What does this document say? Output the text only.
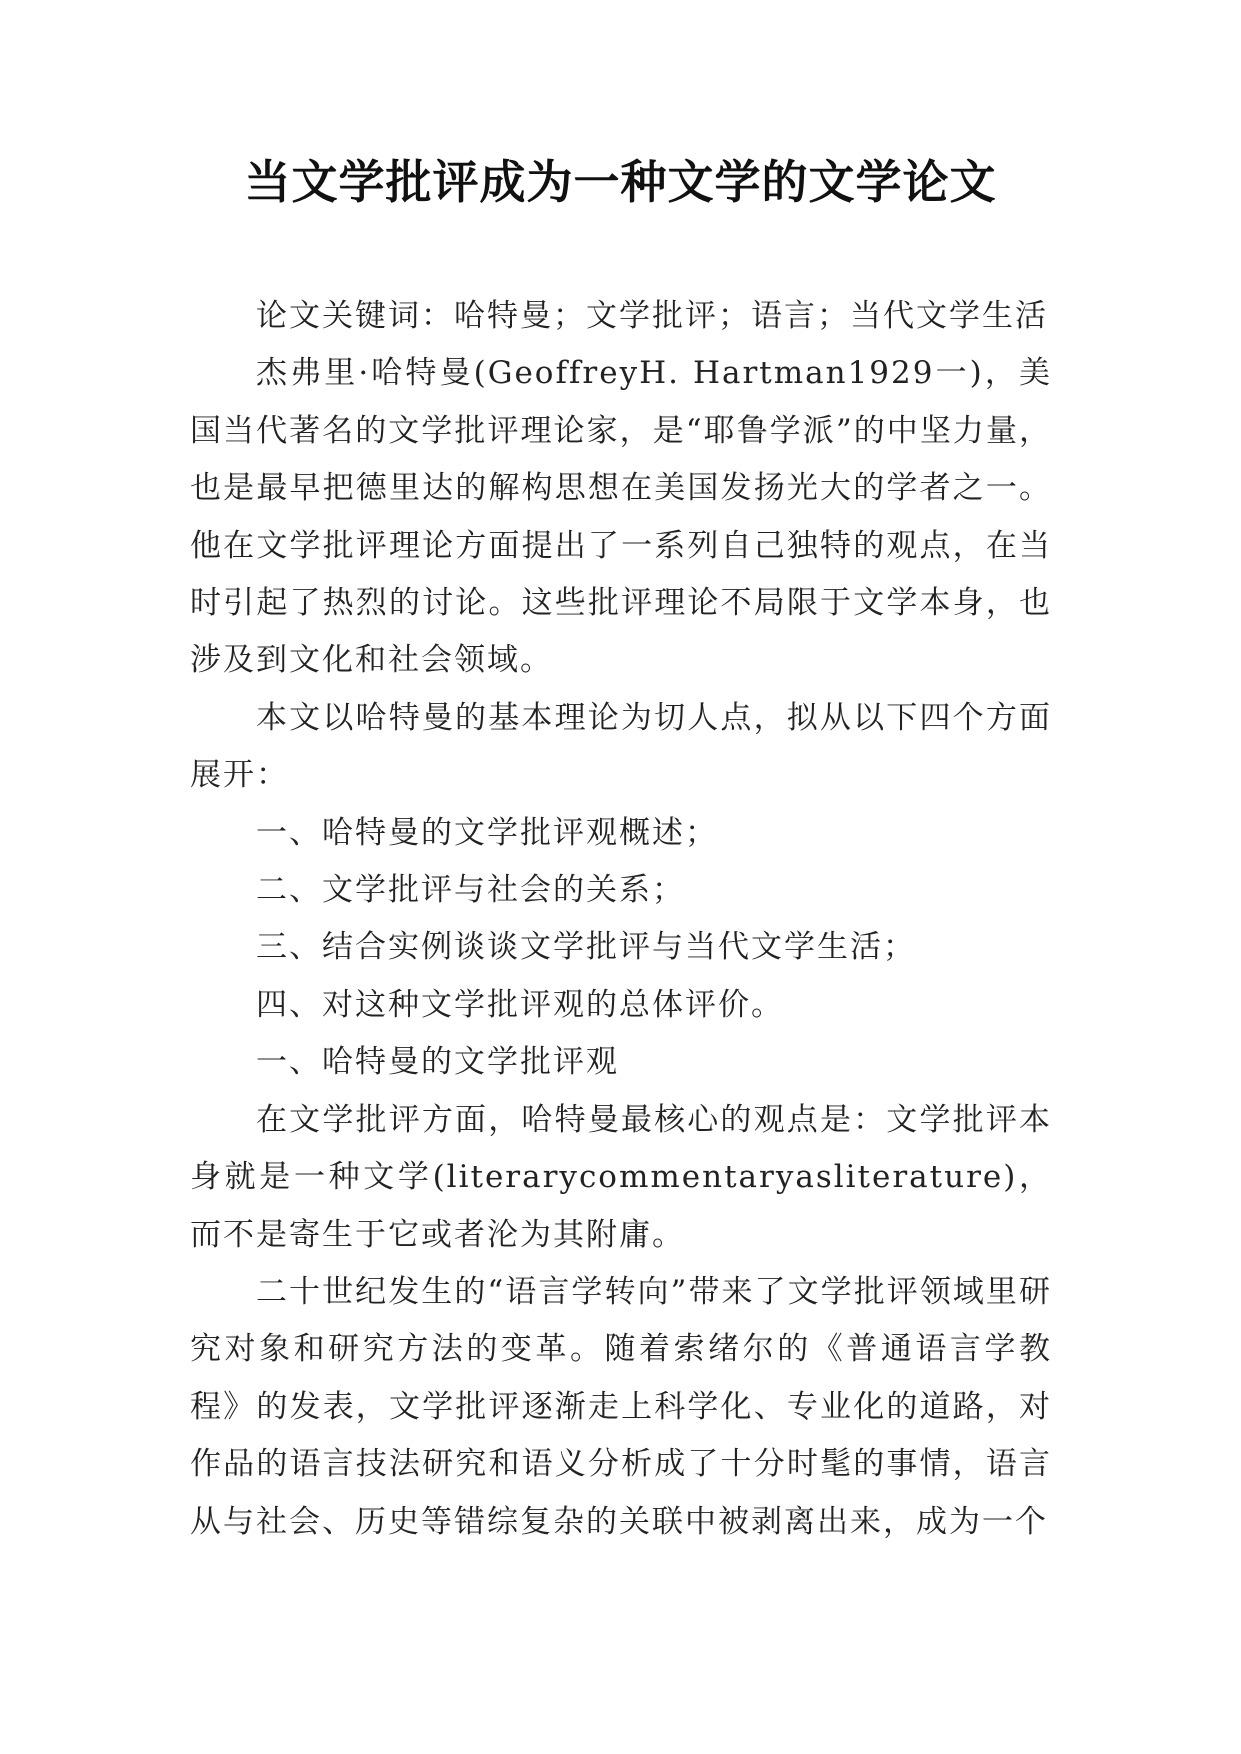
当文学批评成为一种文学的文学论文

论文关键词：哈特曼；文学批评；语言；当代文学生活

杰弗里·哈特曼(GeoffreyH. Hartman1929一)，美国当代著名的文学批评理论家，是“耶鲁学派”的中坚力量，也是最早把德里达的解构思想在美国发扬光大的学者之一。他在文学批评理论方面提出了一系列自己独特的观点，在当时引起了热烈的讨论。这些批评理论不局限于文学本身，也涉及到文化和社会领域。

本文以哈特曼的基本理论为切人点，拟从以下四个方面展开：

一、哈特曼的文学批评观概述；

二、文学批评与社会的关系；

三、结合实例谈谈文学批评与当代文学生活；

四、对这种文学批评观的总体评价。

一、哈特曼的文学批评观

在文学批评方面，哈特曼最核心的观点是：文学批评本身就是一种文学(literarycommentaryasliterature)，而不是寄生于它或者沦为其附庸。

二十世纪发生的“语言学转向”带来了文学批评领域里研究对象和研究方法的变革。随着索绪尔的《普通语言学教程》的发表，文学批评逐渐走上科学化、专业化的道路，对作品的语言技法研究和语义分析成了十分时髦的事情，语言从与社会、历史等错综复杂的关联中被剥离出来，成为一个
